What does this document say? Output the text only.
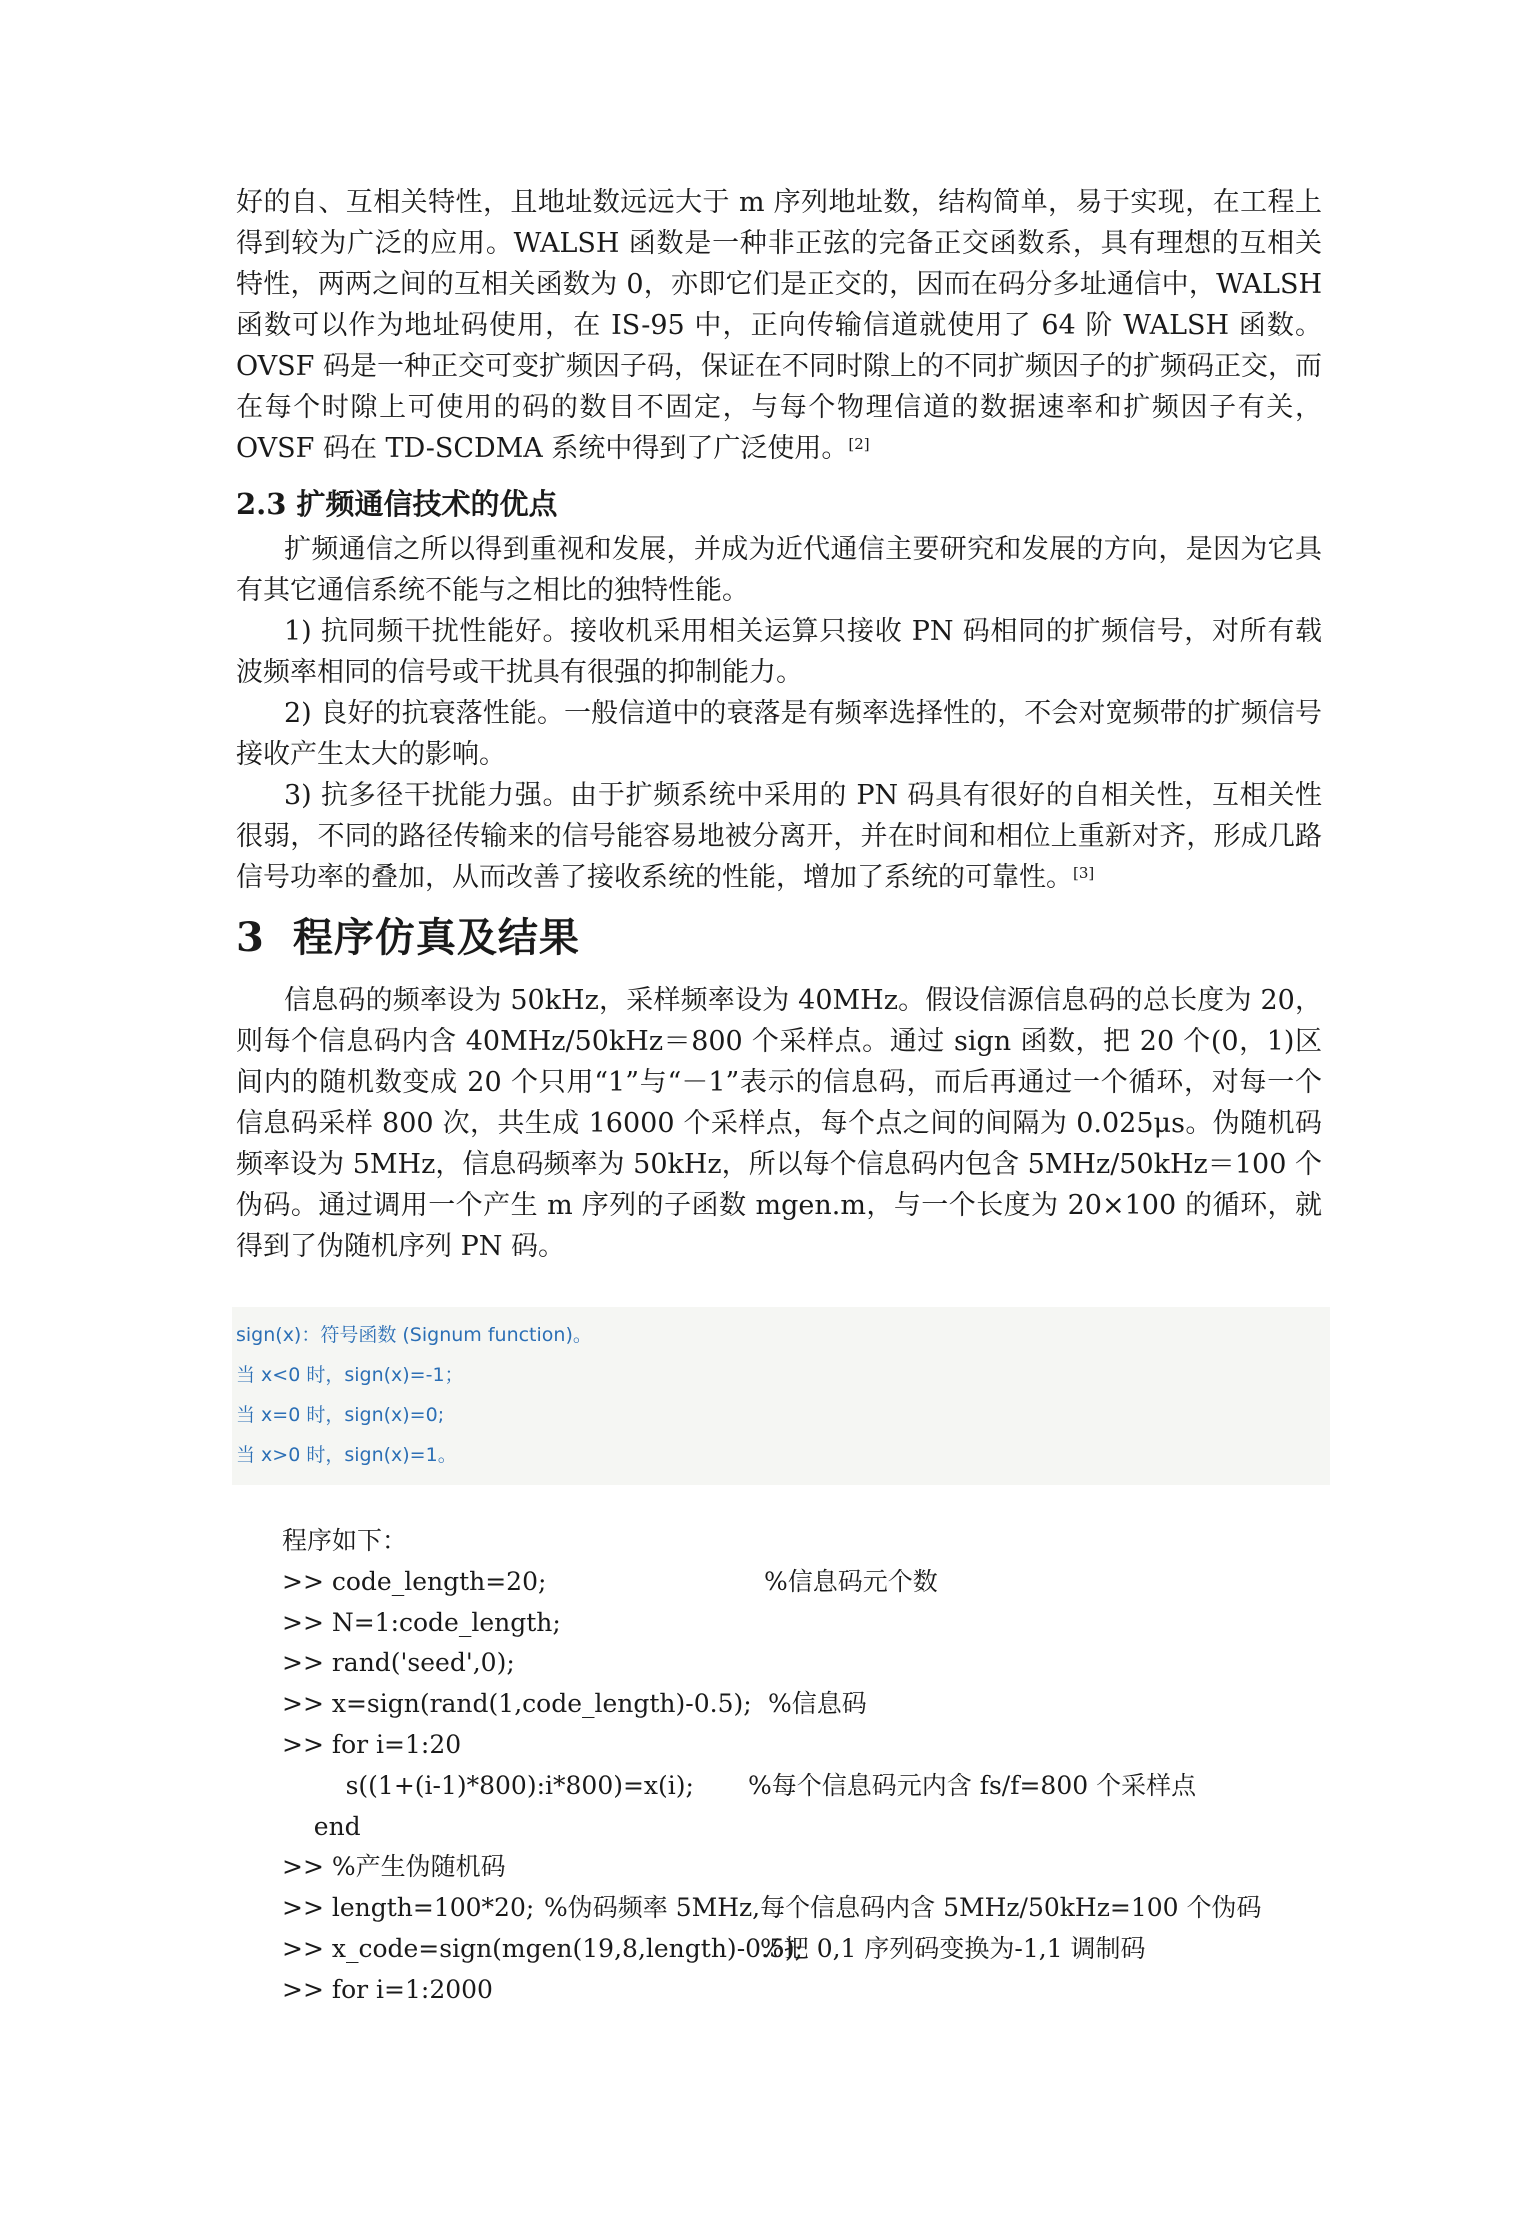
好的自、互相关特性，且地址数远远大于 m 序列地址数，结构简单，易于实现，在工程上得到较为广泛的应用。WALSH 函数是一种非正弦的完备正交函数系，具有理想的互相关特性，两两之间的互相关函数为 0，亦即它们是正交的，因而在码分多址通信中，WALSH 函数可以作为地址码使用，在 IS-95 中，正向传输信道就使用了 64 阶 WALSH 函数。OVSF 码是一种正交可变扩频因子码，保证在不同时隙上的不同扩频因子的扩频码正交，而在每个时隙上可使用的码的数目不固定，与每个物理信道的数据速率和扩频因子有关，OVSF 码在 TD-SCDMA 系统中得到了广泛使用。[2]

2.3 扩频通信技术的优点

扩频通信之所以得到重视和发展，并成为近代通信主要研究和发展的方向，是因为它具有其它通信系统不能与之相比的独特性能。

1) 抗同频干扰性能好。接收机采用相关运算只接收 PN 码相同的扩频信号，对所有载波频率相同的信号或干扰具有很强的抑制能力。

2) 良好的抗衰落性能。一般信道中的衰落是有频率选择性的，不会对宽频带的扩频信号接收产生太大的影响。

3) 抗多径干扰能力强。由于扩频系统中采用的 PN 码具有很好的自相关性，互相关性很弱，不同的路径传输来的信号能容易地被分离开，并在时间和相位上重新对齐，形成几路信号功率的叠加，从而改善了接收系统的性能，增加了系统的可靠性。[3]

3 程序仿真及结果

信息码的频率设为 50kHz，采样频率设为 40MHz。假设信源信息码的总长度为 20，则每个信息码内含 40MHz/50kHz＝800 个采样点。通过 sign 函数，把 20 个(0，1)区间内的随机数变成 20 个只用“1”与“－1”表示的信息码，而后再通过一个循环，对每一个信息码采样 800 次，共生成 16000 个采样点，每个点之间的间隔为 0.025μs。伪随机码频率设为 5MHz，信息码频率为 50kHz，所以每个信息码内包含 5MHz/50kHz＝100 个伪码。通过调用一个产生 m 序列的子函数 mgen.m，与一个长度为 20×100 的循环，就得到了伪随机序列 PN 码。

sign(x)：符号函数 (Signum function)。
当 x<0 时，sign(x)=-1；
当 x=0 时，sign(x)=0;
当 x>0 时，sign(x)=1。
程序如下：
>> code_length=20;	%信息码元个数
>> N=1:code_length;
>> rand('seed',0);
>> x=sign(rand(1,code_length)-0.5); %信息码
>> for i=1:20
s((1+(i-1)*800):i*800)=x(i); %每个信息码元内含 fs/f=800 个采样点
end
>> %产生伪随机码
>> length=100*20; %伪码频率 5MHz,每个信息码内含 5MHz/50kHz=100 个伪码
>> x_code=sign(mgen(19,8,length)-0.5);
%把 0,1 序列码变换为-1,1 调制码
>> for i=1:2000
